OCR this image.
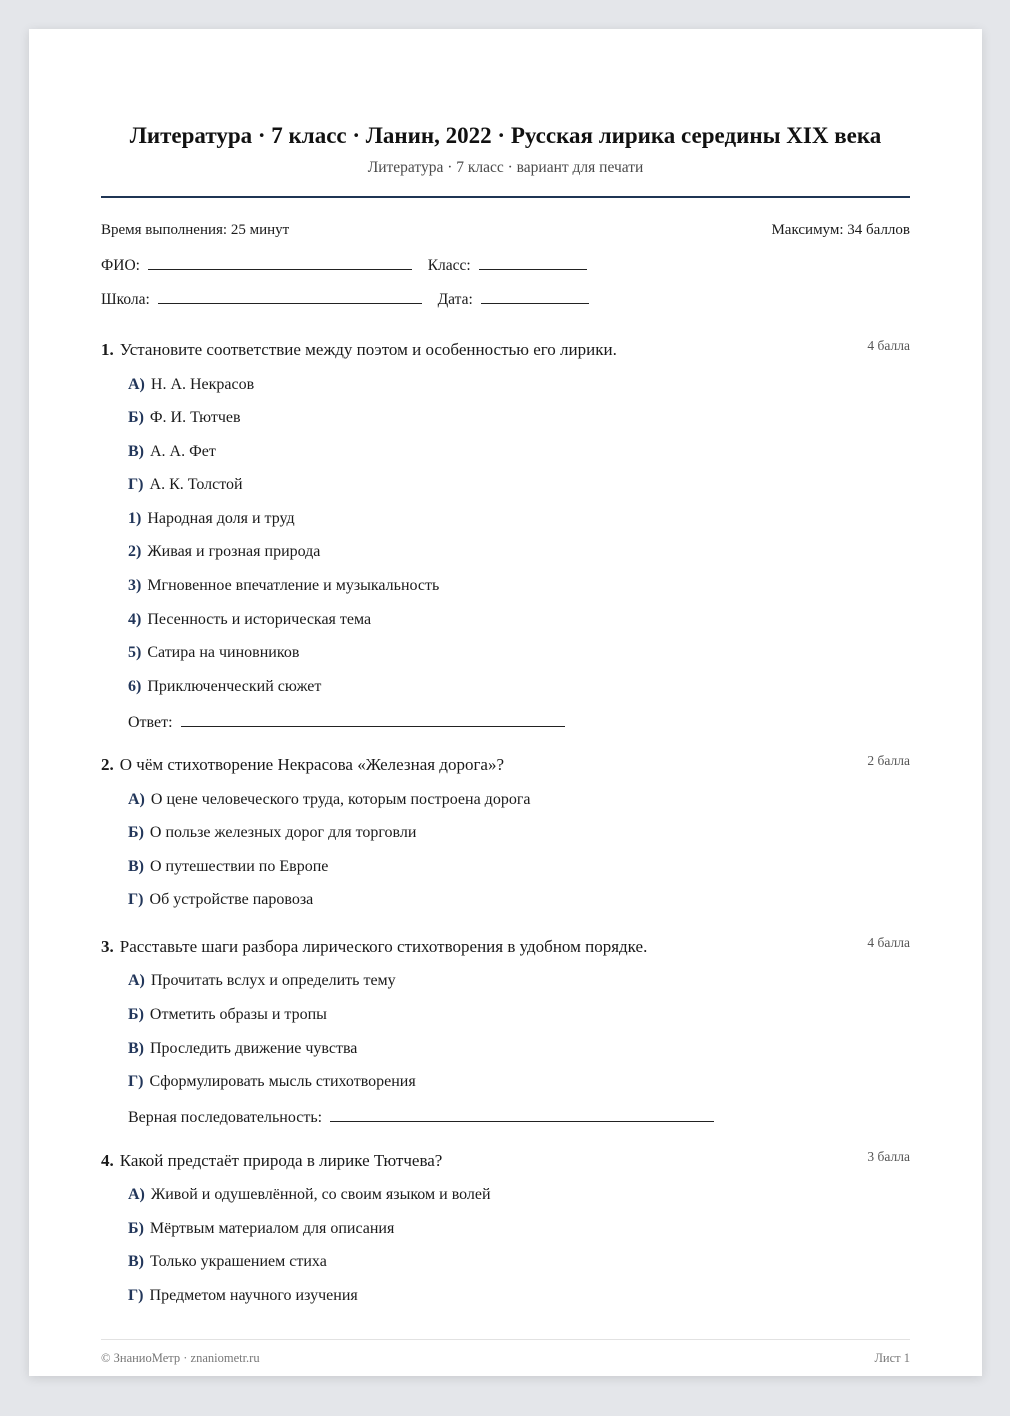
Литература · 7 класс · Ланин, 2022 · Русская лирика середины XIX века
Литература · 7 класс · вариант для печати
Время выполнения: 25 минут	Максимум: 34 баллов
ФИО:	Класс:
Школа:	Дата:
1. Установите соответствие между поэтом и особенностью его лирики.	4 балла
А) Н. А. Некрасов
Б) Ф. И. Тютчев
В) А. А. Фет
Г) А. К. Толстой
1) Народная доля и труд
2) Живая и грозная природа
3) Мгновенное впечатление и музыкальность
4) Песенность и историческая тема
5) Сатира на чиновников
6) Приключенческий сюжет
Ответ:
2. О чём стихотворение Некрасова «Железная дорога»?	2 балла
А) О цене человеческого труда, которым построена дорога
Б) О пользе железных дорог для торговли
В) О путешествии по Европе
Г) Об устройстве паровоза
3. Расставьте шаги разбора лирического стихотворения в удобном порядке.	4 балла
А) Прочитать вслух и определить тему
Б) Отметить образы и тропы
В) Проследить движение чувства
Г) Сформулировать мысль стихотворения
Верная последовательность:
4. Какой предстаёт природа в лирике Тютчева?	3 балла
А) Живой и одушевлённой, со своим языком и волей
Б) Мёртвым материалом для описания
В) Только украшением стиха
Г) Предметом научного изучения
© ЗнаниоМетр · znaniometr.ru	Лист 1
